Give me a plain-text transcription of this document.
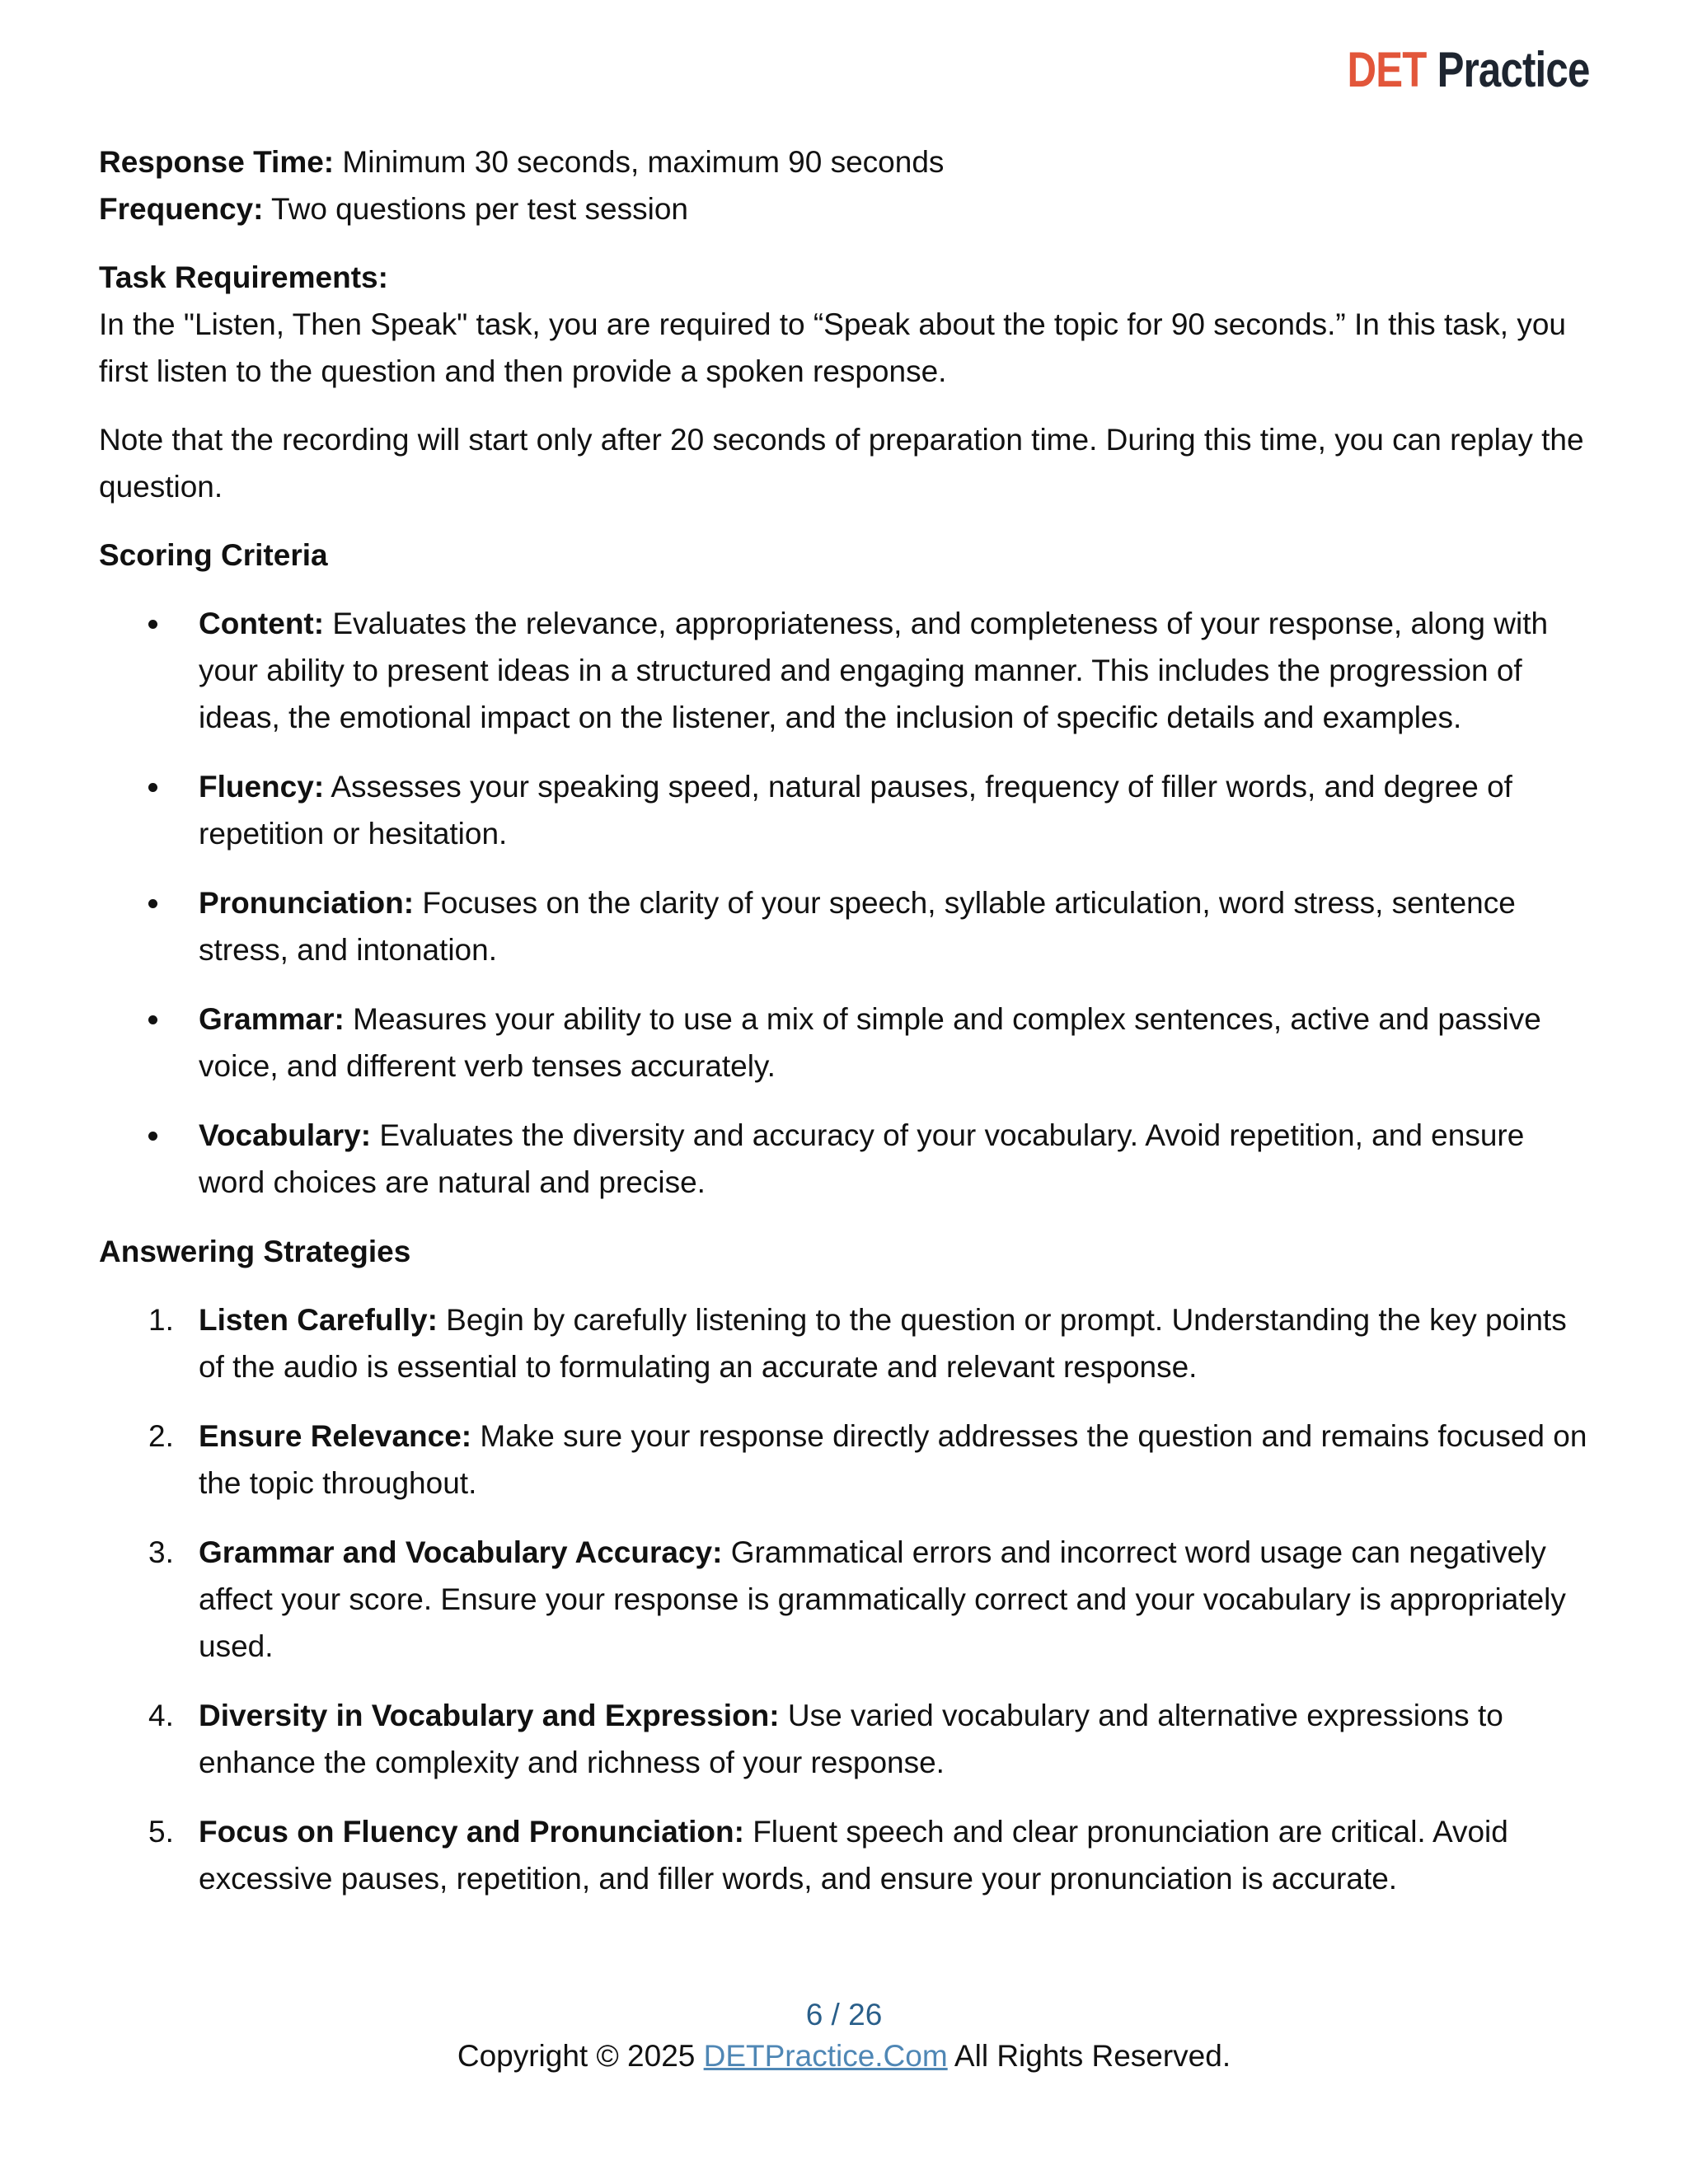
DET Practice

Response Time: Minimum 30 seconds, maximum 90 seconds

Frequency: Two questions per test session

Task Requirements:

In the "Listen, Then Speak" task, you are required to “Speak about the topic for 90 seconds.” In this task, you first listen to the question and then provide a spoken response.

Note that the recording will start only after 20 seconds of preparation time. During this time, you can replay the question.

Scoring Criteria

Content: Evaluates the relevance, appropriateness, and completeness of your response, along with your ability to present ideas in a structured and engaging manner. This includes the progression of ideas, the emotional impact on the listener, and the inclusion of specific details and examples.
Fluency: Assesses your speaking speed, natural pauses, frequency of filler words, and degree of repetition or hesitation.
Pronunciation: Focuses on the clarity of your speech, syllable articulation, word stress, sentence stress, and intonation.
Grammar: Measures your ability to use a mix of simple and complex sentences, active and passive voice, and different verb tenses accurately.
Vocabulary: Evaluates the diversity and accuracy of your vocabulary. Avoid repetition, and ensure word choices are natural and precise.

Answering Strategies

1. Listen Carefully: Begin by carefully listening to the question or prompt. Understanding the key points of the audio is essential to formulating an accurate and relevant response.
2. Ensure Relevance: Make sure your response directly addresses the question and remains focused on the topic throughout.
3. Grammar and Vocabulary Accuracy: Grammatical errors and incorrect word usage can negatively affect your score. Ensure your response is grammatically correct and your vocabulary is appropriately used.
4. Diversity in Vocabulary and Expression: Use varied vocabulary and alternative expressions to enhance the complexity and richness of your response.
5. Focus on Fluency and Pronunciation: Fluent speech and clear pronunciation are critical. Avoid excessive pauses, repetition, and filler words, and ensure your pronunciation is accurate.
6 / 26
Copyright © 2025 DETPractice.Com All Rights Reserved.
